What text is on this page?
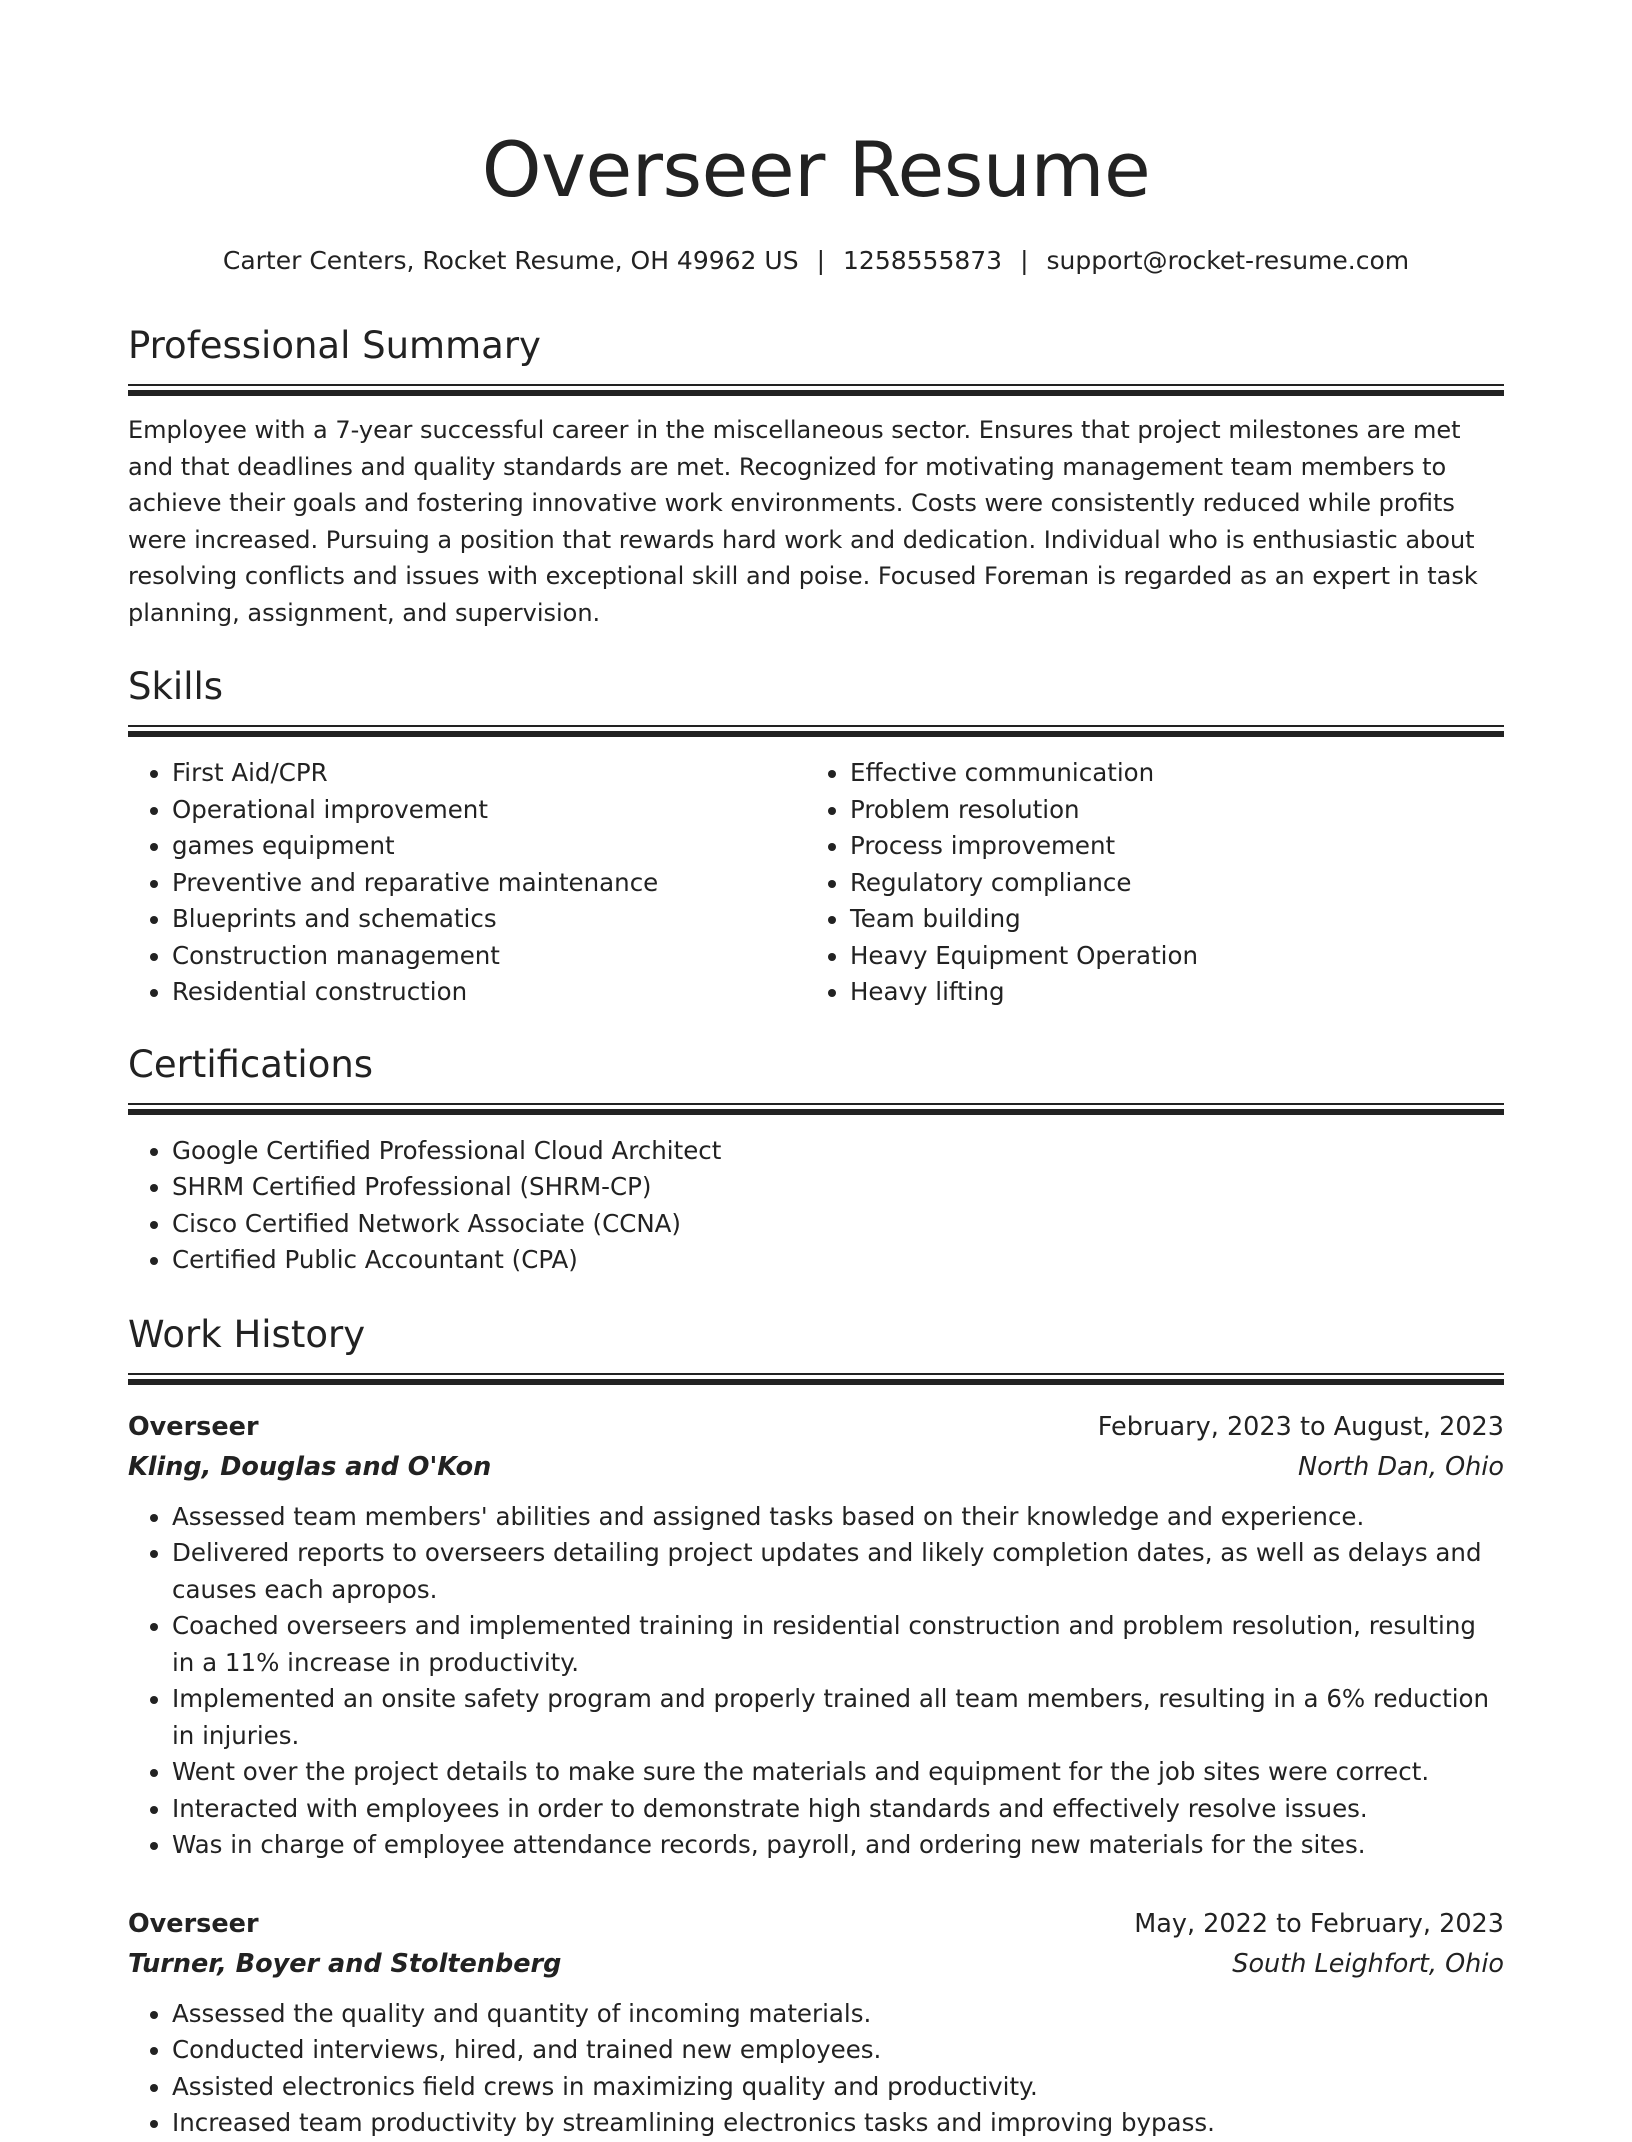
Overseer Resume
Carter Centers, Rocket Resume, OH 49962 US | 1258555873 | support@rocket-resume.com
Professional Summary

Employee with a 7-year successful career in the miscellaneous sector. Ensures that project milestones are met and that deadlines and quality standards are met. Recognized for motivating management team members to achieve their goals and fostering innovative work environments. Costs were consistently reduced while profits were increased. Pursuing a position that rewards hard work and dedication. Individual who is enthusiastic about resolving conflicts and issues with exceptional skill and poise. Focused Foreman is regarded as an expert in task planning, assignment, and supervision.

Skills
• First Aid/CPR
• Operational improvement
• games equipment
• Preventive and reparative maintenance
• Blueprints and schematics
• Construction management
• Residential construction
• Effective communication
• Problem resolution
• Process improvement
• Regulatory compliance
• Team building
• Heavy Equipment Operation
• Heavy lifting
Certifications
• Google Certified Professional Cloud Architect
• SHRM Certified Professional (SHRM-CP)
• Cisco Certified Network Associate (CCNA)
• Certified Public Accountant (CPA)
Work History
Overseer	February, 2023 to August, 2023
Kling, Douglas and O'Kon	North Dan, Ohio
• Assessed team members' abilities and assigned tasks based on their knowledge and experience.
• Delivered reports to overseers detailing project updates and likely completion dates, as well as delays and causes each apropos.
• Coached overseers and implemented training in residential construction and problem resolution, resulting in a 11% increase in productivity.
• Implemented an onsite safety program and properly trained all team members, resulting in a 6% reduction in injuries.
• Went over the project details to make sure the materials and equipment for the job sites were correct.
• Interacted with employees in order to demonstrate high standards and effectively resolve issues.
• Was in charge of employee attendance records, payroll, and ordering new materials for the sites.
Overseer	May, 2022 to February, 2023
Turner, Boyer and Stoltenberg	South Leighfort, Ohio
• Assessed the quality and quantity of incoming materials.
• Conducted interviews, hired, and trained new employees.
• Assisted electronics field crews in maximizing quality and productivity.
• Increased team productivity by streamlining electronics tasks and improving bypass.
